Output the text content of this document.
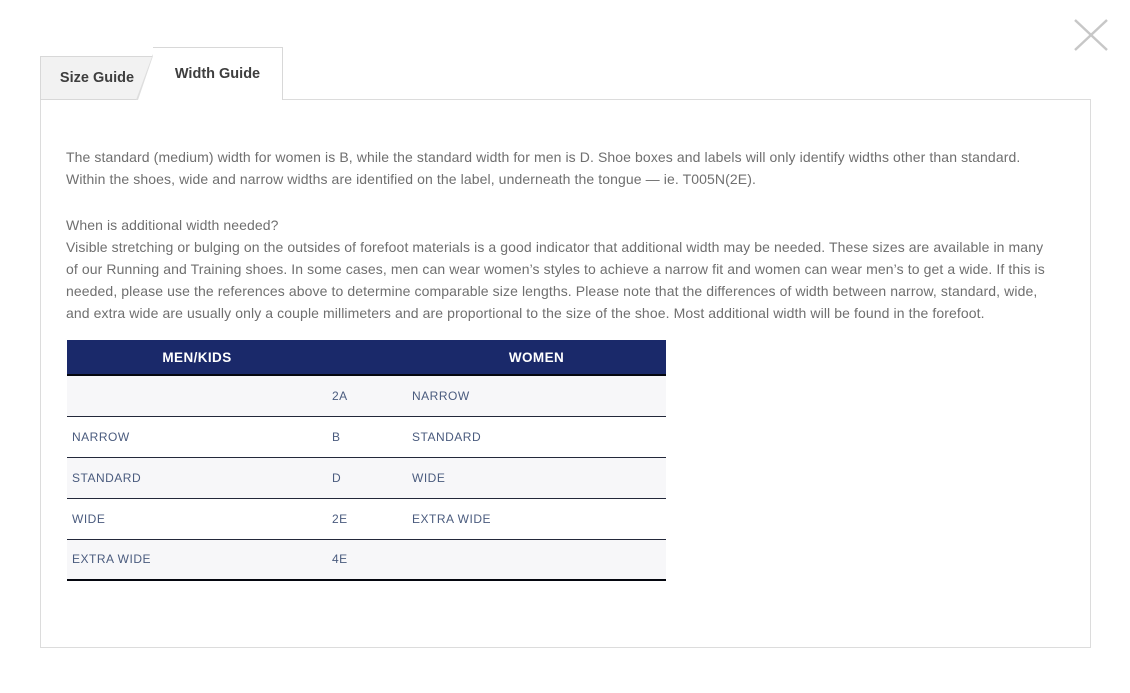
Size Guide	Width Guide

The standard (medium) width for women is B, while the standard width for men is D. Shoe boxes and labels will only identify widths other than standard. Within the shoes, wide and narrow widths are identified on the label, underneath the tongue — ie. T005N(2E).

When is additional width needed?

Visible stretching or bulging on the outsides of forefoot materials is a good indicator that additional width may be needed. These sizes are available in many of our Running and Training shoes. In some cases, men can wear women’s styles to achieve a narrow fit and women can wear men’s to get a wide. If this is needed, please use the references above to determine comparable size lengths. Please note that the differences of width between narrow, standard, wide, and extra wide are usually only a couple millimeters and are proportional to the size of the shoe. Most additional width will be found in the forefoot.

MEN/KIDS		WOMEN
	2A	NARROW
NARROW	B	STANDARD
STANDARD	D	WIDE
WIDE	2E	EXTRA WIDE
EXTRA WIDE	4E	
